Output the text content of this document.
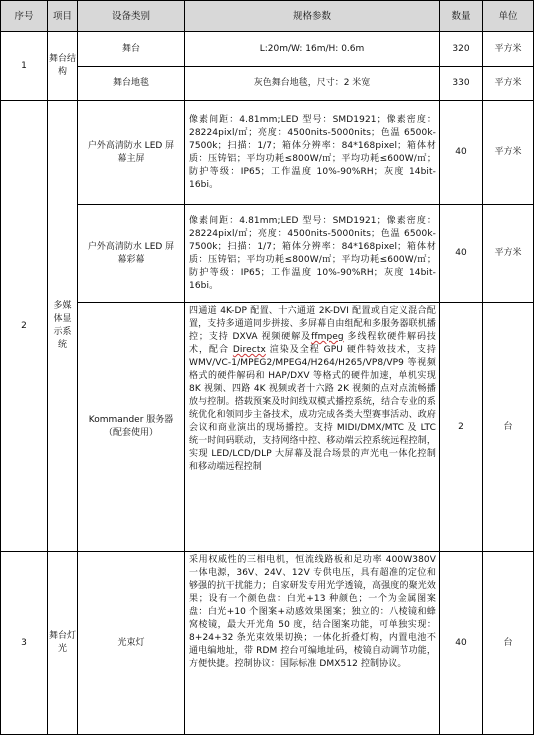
序号	项目	设备类别	规格参数	数量	单位
1	舞台结构	舞台	L:20m/W: 16m/H: 0.6m	320	平方米
		舞台地毯	灰色舞台地毯，尺寸：2 米宽	330	平方米
2	多媒体显示系统	户外高清防水 LED 屏幕主屏	像素间距：4.81mm;LED 型号：SMD1921；像素密度：28224pixl/㎡；亮度：4500nits-5000nits；色温 6500k-7500k；扫描：1/7；箱体分辨率：84*168pixel；箱体材质：压铸铝；平均功耗≤800W/㎡；平均功耗≤600W/㎡；防护等级：IP65；工作温度 10%-90%RH；灰度 14bit-16bi。	40	平方米
		户外高清防水 LED 屏幕彩幕	像素间距：4.81mm;LED 型号：SMD1921；像素密度：28224pixl/㎡；亮度：4500nits-5000nits；色温 6500k-7500k；扫描：1/7；箱体分辨率：84*168pixel；箱体材质：压铸铝；平均功耗≤800W/㎡；平均功耗≤600W/㎡；防护等级：IP65；工作温度 10%-90%RH；灰度 14bit-16bi。	40	平方米
		Kommander 服务器（配套使用）	四通道 4K-DP 配置、十六通道 2K-DVI 配置或自定义混合配置，支持多通道同步拼接、多屏幕自由组配和多服务器联机播控；支持 DXVA 视频硬解及ffmpeg 多线程软硬件解码技术，配合 Directx 渲染及全程 GPU 硬件特效技术，支持 WMV/VC-1/MPEG2/MPEG4/H264/H265/VP8/VP9 等视频格式的硬件解码和 HAP/DXV 等格式的硬件加速，单机实现 8K 视频、四路 4K 视频或者十六路 2K 视频的点对点流畅播放与控制。搭载预案及时间线双模式播控系统，结合专业的系统优化和领同步主备技术，成功完成各类大型赛事活动、政府会议和商业演出的现场播控。支持 MIDI/DMX/MTC 及 LTC 统一时间码联动，支持网络中控、移动端云控系统远程控制，实现 LED/LCD/DLP 大屏幕及混合场景的声光电一体化控制和移动端远程控制	2	台
3	舞台灯光	光束灯	采用权威性的三相电机，恒流线路板和足功率 400W380V 一体电源，36V、24V、12V 专供电压，具有超准的定位和够强的抗干扰能力；自家研发专用光学透镜，高强度的聚光效果；设有一个颜色盘：白光+13 种颜色；一个为金属图案盘：白光+10 个图案+动感效果图案；独立的：八棱镜和蜂窝棱镜，最大开光角 50 度，结合图案功能，可单独实现：8+24+32 条光束效果切换；一体化折叠灯构，内置电池不通电编地址，带 RDM 控台可编地址码，棱镜自动调节功能，方便快捷。控制协议：国际标准 DMX512 控制协议。	40	台
